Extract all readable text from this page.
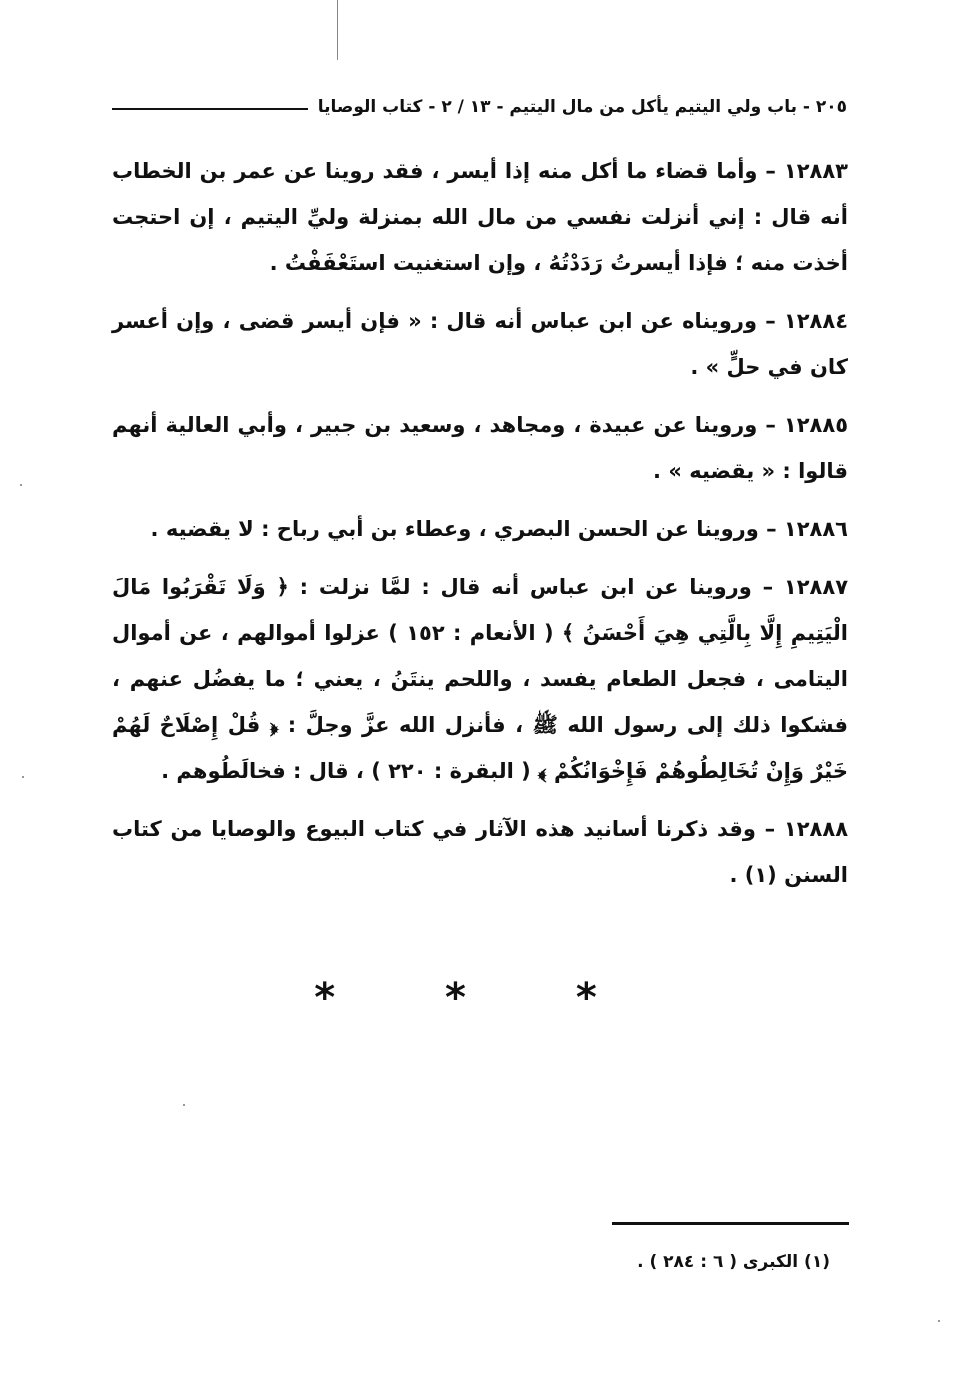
٢٠٥ - باب ولي اليتيم يأكل من مال اليتيم - ١٣ / ٢ - كتاب الوصايا

١٢٨٨٣ – وأما قضاء ما أكل منه إذا أيسر ، فقد روينا عن عمر بن الخطاب أنه قال : إني أنزلت نفسي من مال الله بمنزلة وليِّ اليتيم ، إن احتجت أخذت منه ؛ فإذا أيسرتُ رَدَدْتُهُ ، وإن استغنيت استَعْفَفْتُ .

١٢٨٨٤ – ورويناه عن ابن عباس أنه قال : « فإن أيسر قضى ، وإن أعسر كان في حلٍّ » .

١٢٨٨٥ – وروينا عن عبيدة ، ومجاهد ، وسعيد بن جبير ، وأبي العالية أنهم قالوا : « يقضيه » .

١٢٨٨٦ – وروينا عن الحسن البصري ، وعطاء بن أبي رباح : لا يقضيه .

١٢٨٨٧ – وروينا عن ابن عباس أنه قال : لمَّا نزلت : ﴿ وَلَا تَقْرَبُوا مَالَ الْيَتِيمِ إِلَّا بِالَّتِي هِيَ أَحْسَنُ ﴾ ( الأنعام : ١٥٢ ) عزلوا أموالهم ، عن أموال اليتامى ، فجعل الطعام يفسد ، واللحم ينتَنُ ، يعني ؛ ما يفضُل عنهم ، فشكوا ذلك إلى رسول الله ﷺ ، فأنزل الله عزَّ وجلَّ : ﴿ قُلْ إِصْلَاحٌ لَهُمْ خَيْرٌ وَإِنْ تُخَالِطُوهُمْ فَإِخْوَانُكُمْ ﴾ ( البقرة : ٢٢٠ ) ، قال : فخالَطُوهم .

١٢٨٨٨ – وقد ذكرنا أسانيد هذه الآثار في كتاب البيوع والوصايا من كتاب السنن (١) .

* * *
(١) الكبرى ( ٦ : ٢٨٤ ) .
